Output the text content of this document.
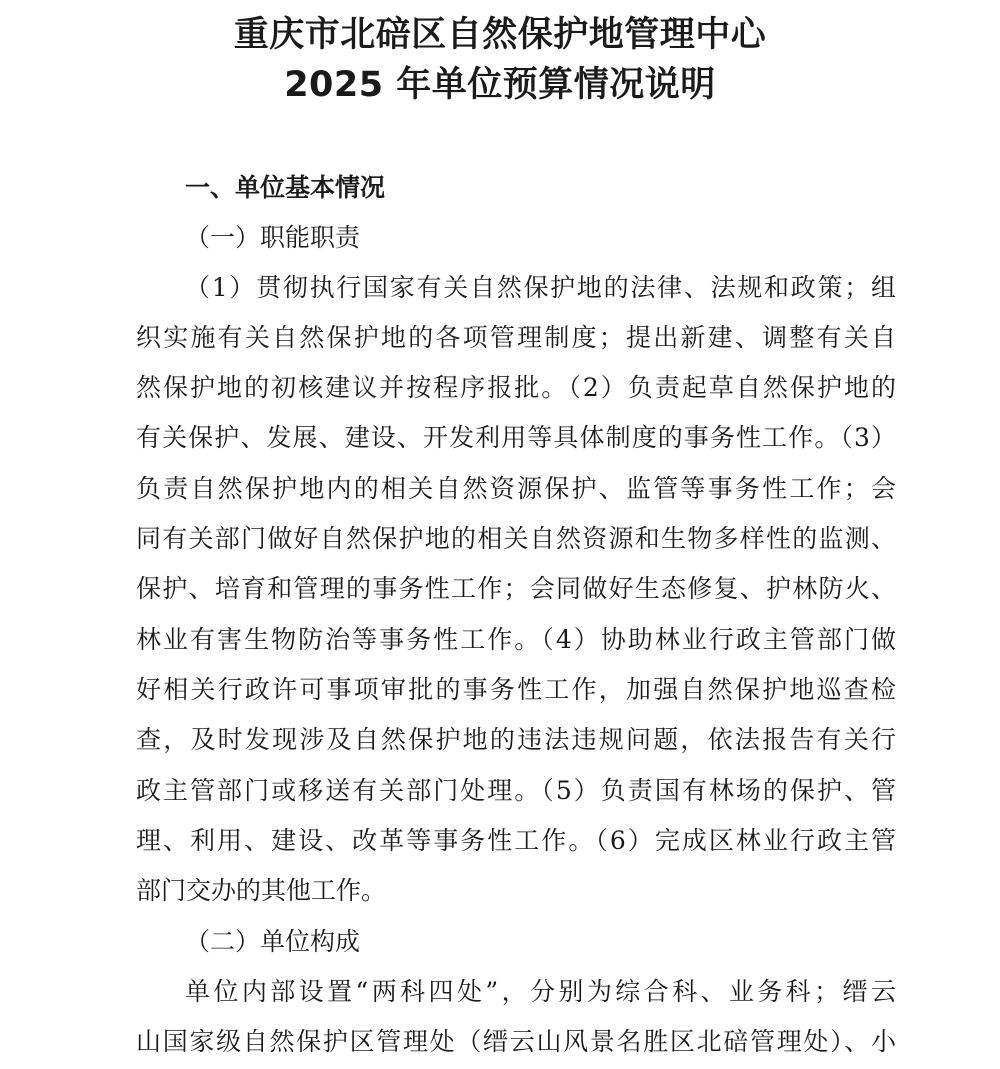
重庆市北碚区自然保护地管理中心
2025 年单位预算情况说明
一、单位基本情况
（一）职能职责
（1）贯彻执行国家有关自然保护地的法律、法规和政策；组
织实施有关自然保护地的各项管理制度；提出新建、调整有关自
然保护地的初核建议并按程序报批。（2）负责起草自然保护地的
有关保护、发展、建设、开发利用等具体制度的事务性工作。（3）
负责自然保护地内的相关自然资源保护、监管等事务性工作；会
同有关部门做好自然保护地的相关自然资源和生物多样性的监测、
保护、培育和管理的事务性工作；会同做好生态修复、护林防火、
林业有害生物防治等事务性工作。（4）协助林业行政主管部门做
好相关行政许可事项审批的事务性工作，加强自然保护地巡查检
查，及时发现涉及自然保护地的违法违规问题，依法报告有关行
政主管部门或移送有关部门处理。（5）负责国有林场的保护、管
理、利用、建设、改革等事务性工作。（6）完成区林业行政主管
部门交办的其他工作。
（二）单位构成
单位内部设置“两科四处”，分别为综合科、业务科；缙云
山国家级自然保护区管理处（缙云山风景名胜区北碚管理处）、小
